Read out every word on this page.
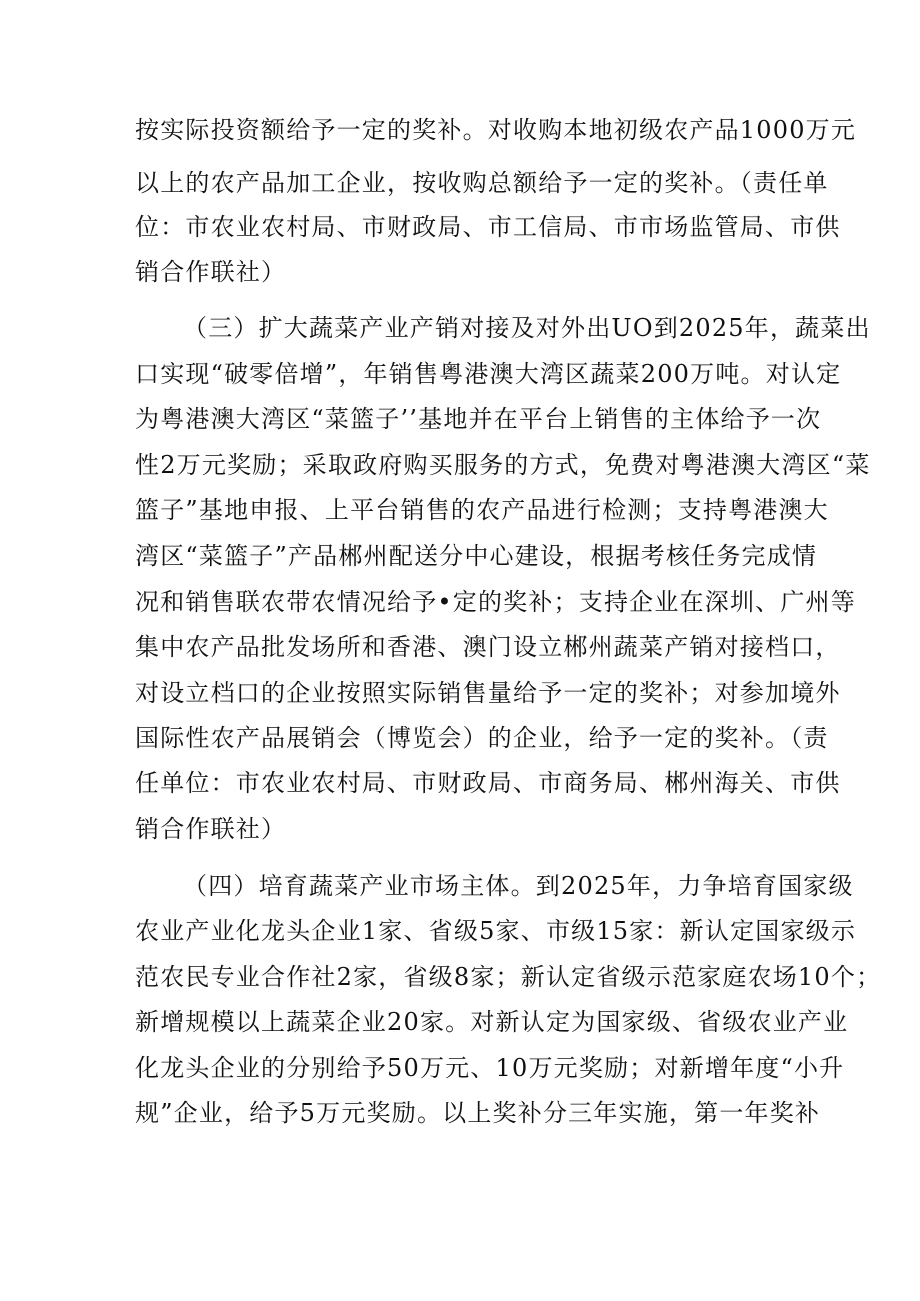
按实际投资额给予一定的奖补。对收购本地初级农产品1000万元
以上的农产品加工企业，按收购总额给予一定的奖补。（责任单
位：市农业农村局、市财政局、市工信局、市市场监管局、市供
销合作联社）
（三）扩大蔬菜产业产销对接及对外出UO到2025年，蔬菜出
口实现“破零倍增”，年销售粤港澳大湾区蔬菜200万吨。对认定
为粤港澳大湾区“菜篮子’’基地并在平台上销售的主体给予一次
性2万元奖励；采取政府购买服务的方式，免费对粤港澳大湾区“菜
篮子”基地申报、上平台销售的农产品进行检测；支持粤港澳大
湾区“菜篮子”产品郴州配送分中心建设，根据考核任务完成情
况和销售联农带农情况给予•定的奖补；支持企业在深圳、广州等
集中农产品批发场所和香港、澳门设立郴州蔬菜产销对接档口，
对设立档口的企业按照实际销售量给予一定的奖补；对参加境外
国际性农产品展销会（博览会）的企业，给予一定的奖补。（责
任单位：市农业农村局、市财政局、市商务局、郴州海关、市供
销合作联社）
（四）培育蔬菜产业市场主体。到2025年，力争培育国家级
农业产业化龙头企业1家、省级5家、市级15家：新认定国家级示
范农民专业合作社2家，省级8家；新认定省级示范家庭农场10个；
新增规模以上蔬菜企业20家。对新认定为国家级、省级农业产业
化龙头企业的分别给予50万元、10万元奖励；对新增年度“小升
规”企业，给予5万元奖励。以上奖补分三年实施，第一年奖补
